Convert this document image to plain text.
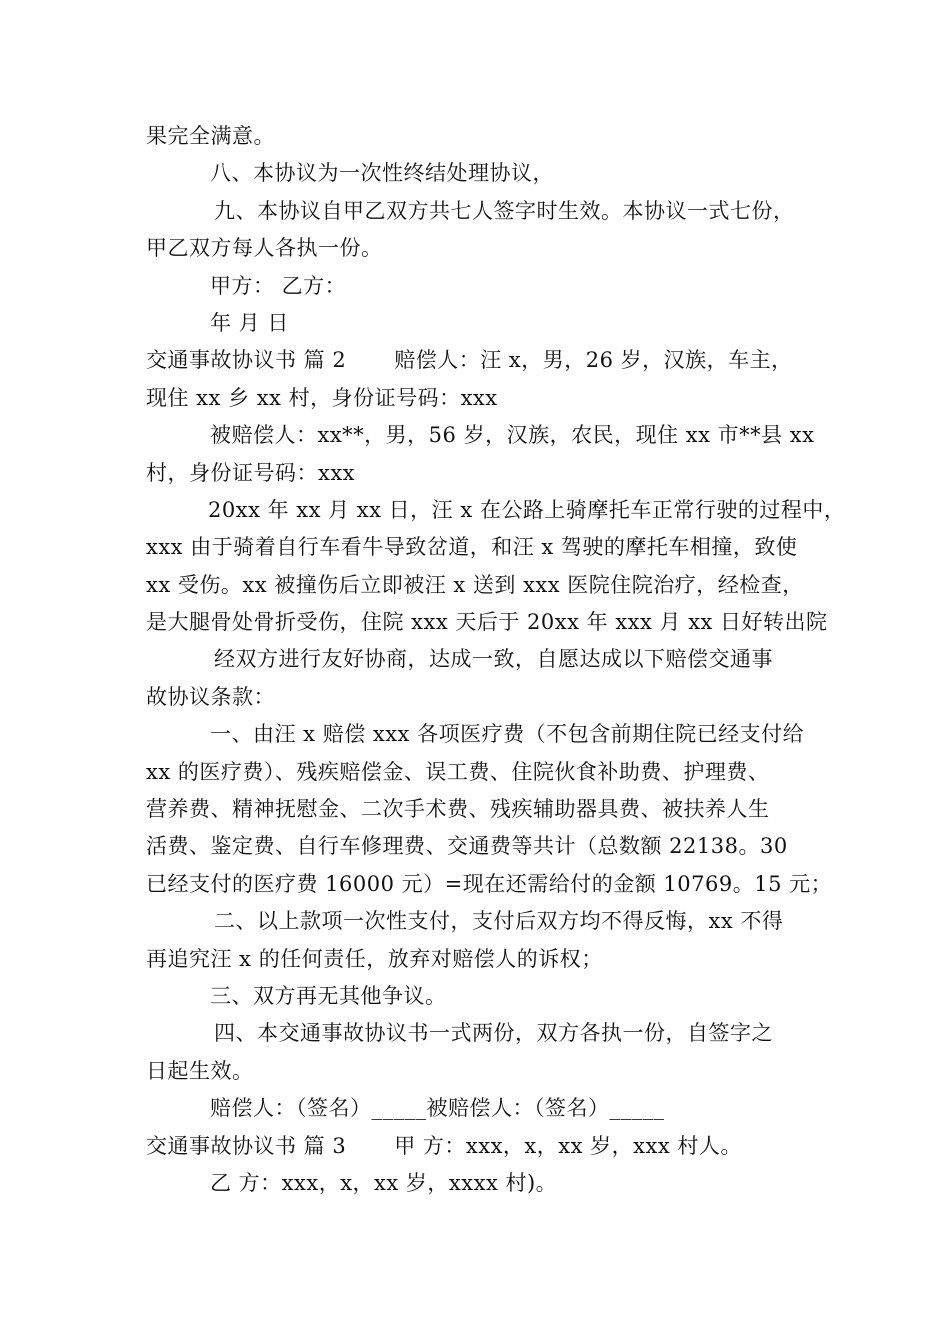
果完全满意。
八、本协议为一次性终结处理协议，
九、本协议自甲乙双方共七人签字时生效。本协议一式七份，
甲乙双方每人各执一份。
甲方： 乙方：
年 月 日
交通事故协议书 篇 2 赔偿人：汪 x，男，26 岁，汉族，车主，
现住 xx 乡 xx 村，身份证号码：xxx
被赔偿人：xx**，男，56 岁，汉族，农民，现住 xx 市**县 xx
村，身份证号码：xxx
20xx 年 xx 月 xx 日，汪 x 在公路上骑摩托车正常行驶的过程中，
xxx 由于骑着自行车看牛导致岔道，和汪 x 驾驶的摩托车相撞，致使
xx 受伤。xx 被撞伤后立即被汪 x 送到 xxx 医院住院治疗，经检查，
是大腿骨处骨折受伤，住院 xxx 天后于 20xx 年 xxx 月 xx 日好转出院
经双方进行友好协商，达成一致，自愿达成以下赔偿交通事
故协议条款：
一、由汪 x 赔偿 xxx 各项医疗费（不包含前期住院已经支付给
xx 的医疗费）、残疾赔偿金、误工费、住院伙食补助费、护理费、
营养费、精神抚慰金、二次手术费、残疾辅助器具费、被扶养人生
活费、鉴定费、自行车修理费、交通费等共计（总数额 22138。30
已经支付的医疗费 16000 元）=现在还需给付的金额 10769。15 元；
二、以上款项一次性支付，支付后双方均不得反悔，xx 不得
再追究汪 x 的任何责任，放弃对赔偿人的诉权；
三、双方再无其他争议。
四、本交通事故协议书一式两份，双方各执一份，自签字之
日起生效。
赔偿人：（签名）_____被赔偿人：（签名）_____
交通事故协议书 篇 3 甲 方：xxx，x，xx 岁，xxx 村人。
乙 方：xxx，x，xx 岁，xxxx 村)。
